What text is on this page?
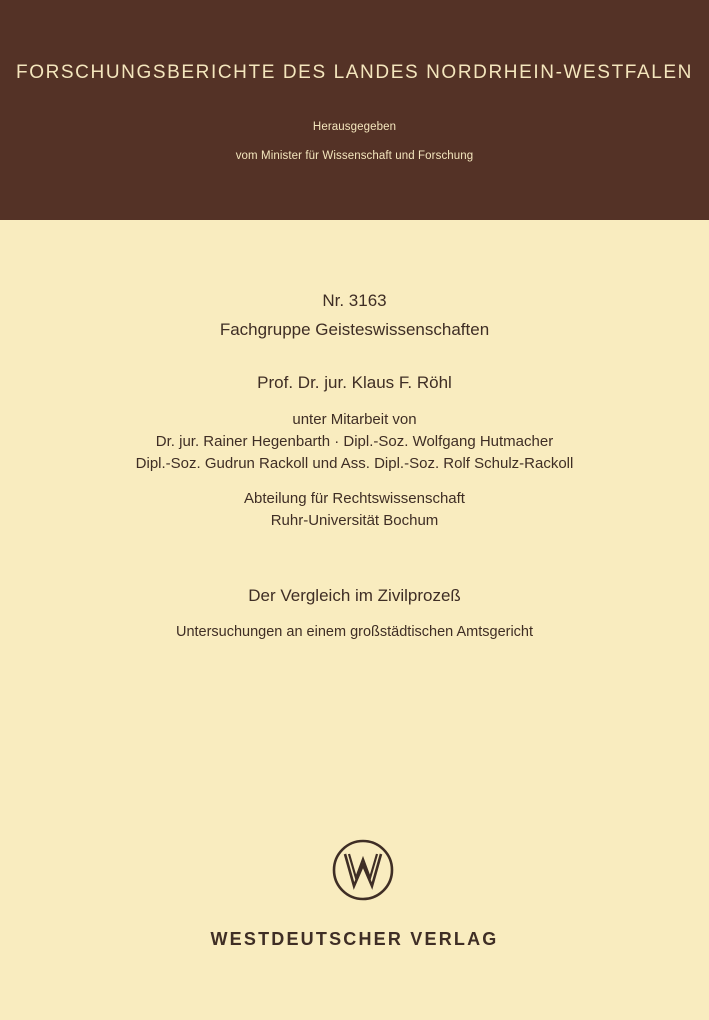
FORSCHUNGSBERICHTE DES LANDES NORDRHEIN-WESTFALEN
Herausgegeben
vom Minister für Wissenschaft und Forschung
Nr. 3163
Fachgruppe Geisteswissenschaften
Prof. Dr. jur. Klaus F. Röhl
unter Mitarbeit von
Dr. jur. Rainer Hegenbarth · Dipl.-Soz. Wolfgang Hutmacher
Dipl.-Soz. Gudrun Rackoll und Ass. Dipl.-Soz. Rolf Schulz-Rackoll
Abteilung für Rechtswissenschaft
Ruhr-Universität Bochum
Der Vergleich im Zivilprozeß
Untersuchungen an einem großstädtischen Amtsgericht
WESTDEUTSCHER VERLAG
